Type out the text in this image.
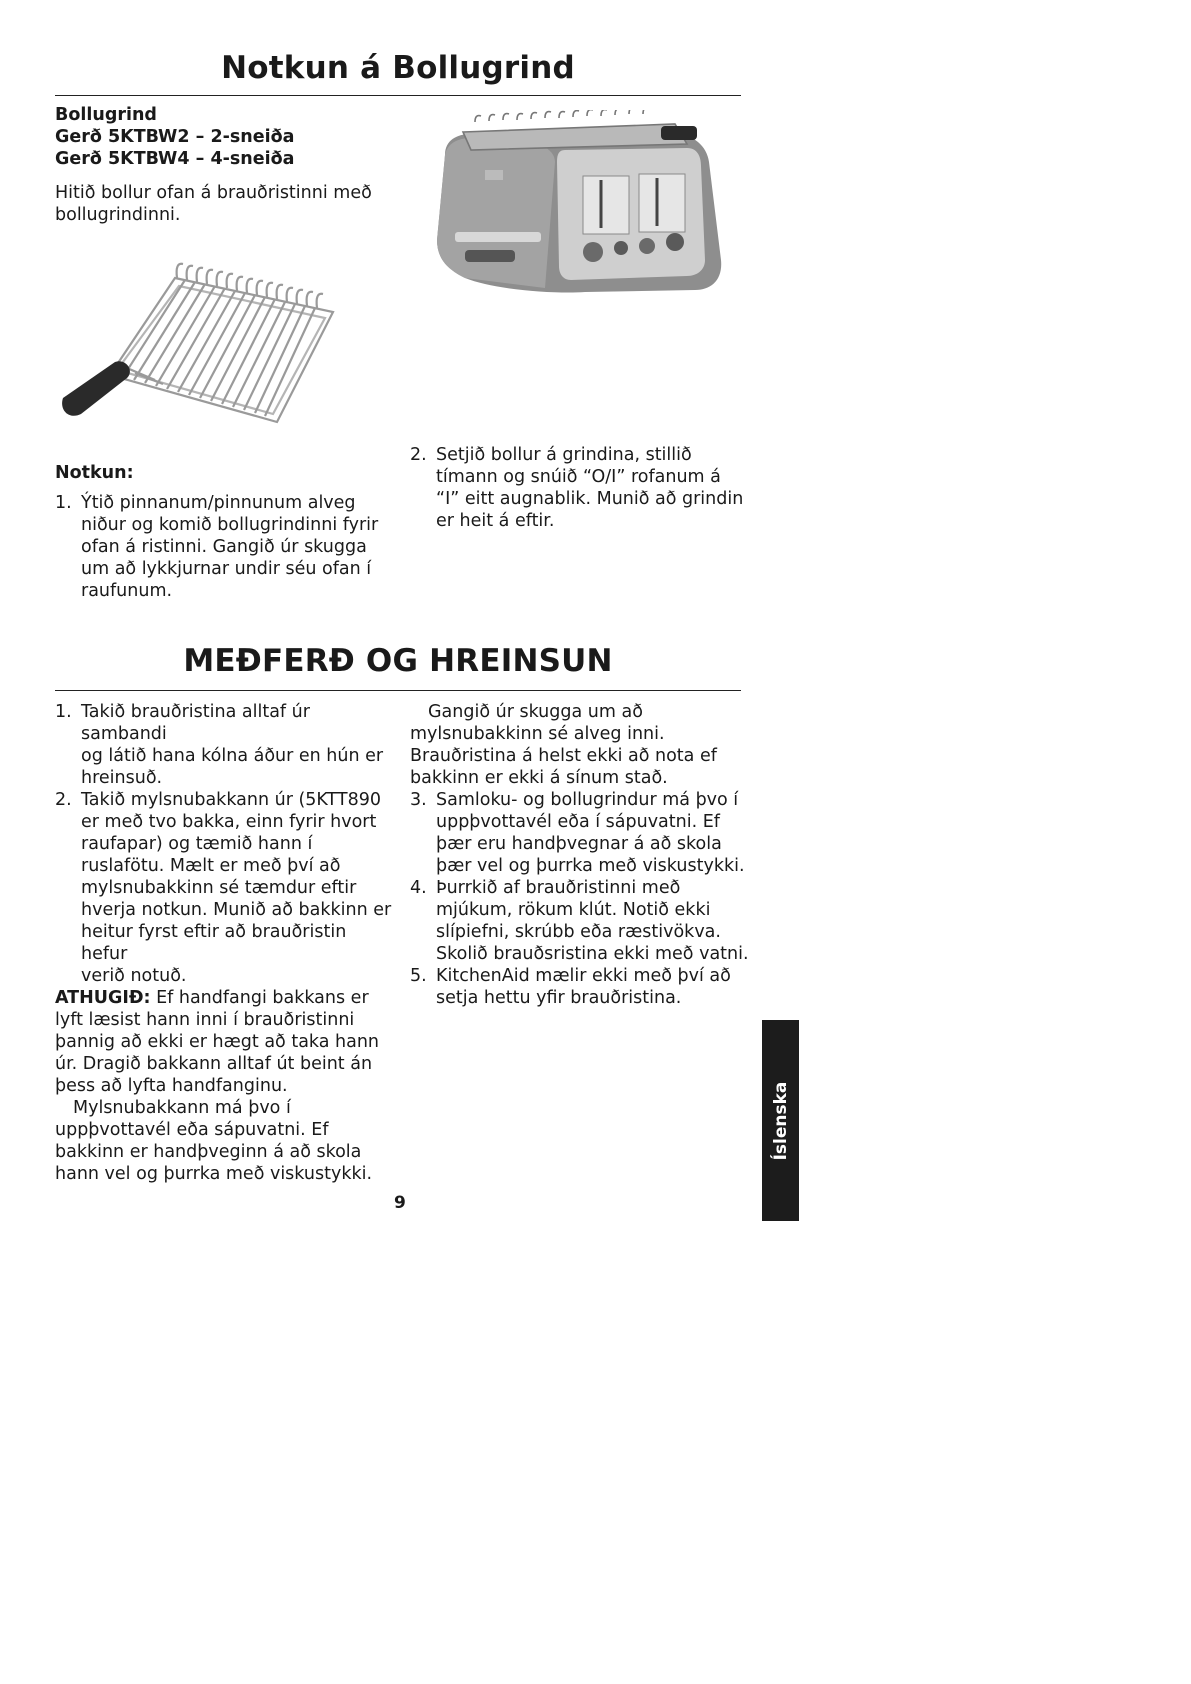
Notkun á Bollugrind
Bollugrind
Gerð 5KTBW2 – 2-sneiða
Gerð 5KTBW4 – 4-sneiða
Hitið bollur ofan á brauðristinni með
bollugrindinni.
Notkun:
1. Ýtið pinnanum/pinnunum alveg
niður og komið bollugrindinni fyrir
ofan á ristinni. Gangið úr skugga
um að lykkjurnar undir séu ofan í
raufunum.
2. Setjið bollur á grindina, stillið
tímann og snúið “O/I” rofanum á
“I” eitt augnablik. Munið að grindin
er heit á eftir.
MEÐFERÐ OG HREINSUN
1. Takið brauðristina alltaf úr sambandi
og látið hana kólna áður en hún er
hreinsuð.
2. Takið mylsnubakkann úr (5KTT890
er með tvo bakka, einn fyrir hvort
raufapar) og tæmið hann í
ruslafötu. Mælt er með því að
mylsnubakkinn sé tæmdur eftir
hverja notkun. Munið að bakkinn er
heitur fyrst eftir að brauðristin hefur
verið notuð.
ATHUGIÐ: Ef handfangi bakkans er
lyft læsist hann inni í brauðristinni
þannig að ekki er hægt að taka hann
úr. Dragið bakkann alltaf út beint án
þess að lyfta handfanginu.
Mylsnubakkann má þvo í
uppþvottavél eða sápuvatni. Ef
bakkinn er handþveginn á að skola
hann vel og þurrka með viskustykki.
Gangið úr skugga um að
mylsnubakkinn sé alveg inni.
Brauðristina á helst ekki að nota ef
bakkinn er ekki á sínum stað.
3. Samloku- og bollugrindur má þvo í
uppþvottavél eða í sápuvatni. Ef
þær eru handþvegnar á að skola
þær vel og þurrka með viskustykki.
4. Þurrkið af brauðristinni með
mjúkum, rökum klút. Notið ekki
slípiefni, skrúbb eða ræstivökva.
Skolið brauðsristina ekki með vatni.
5. KitchenAid mælir ekki með því að
setja hettu yfir brauðristina.
9
Íslenska
